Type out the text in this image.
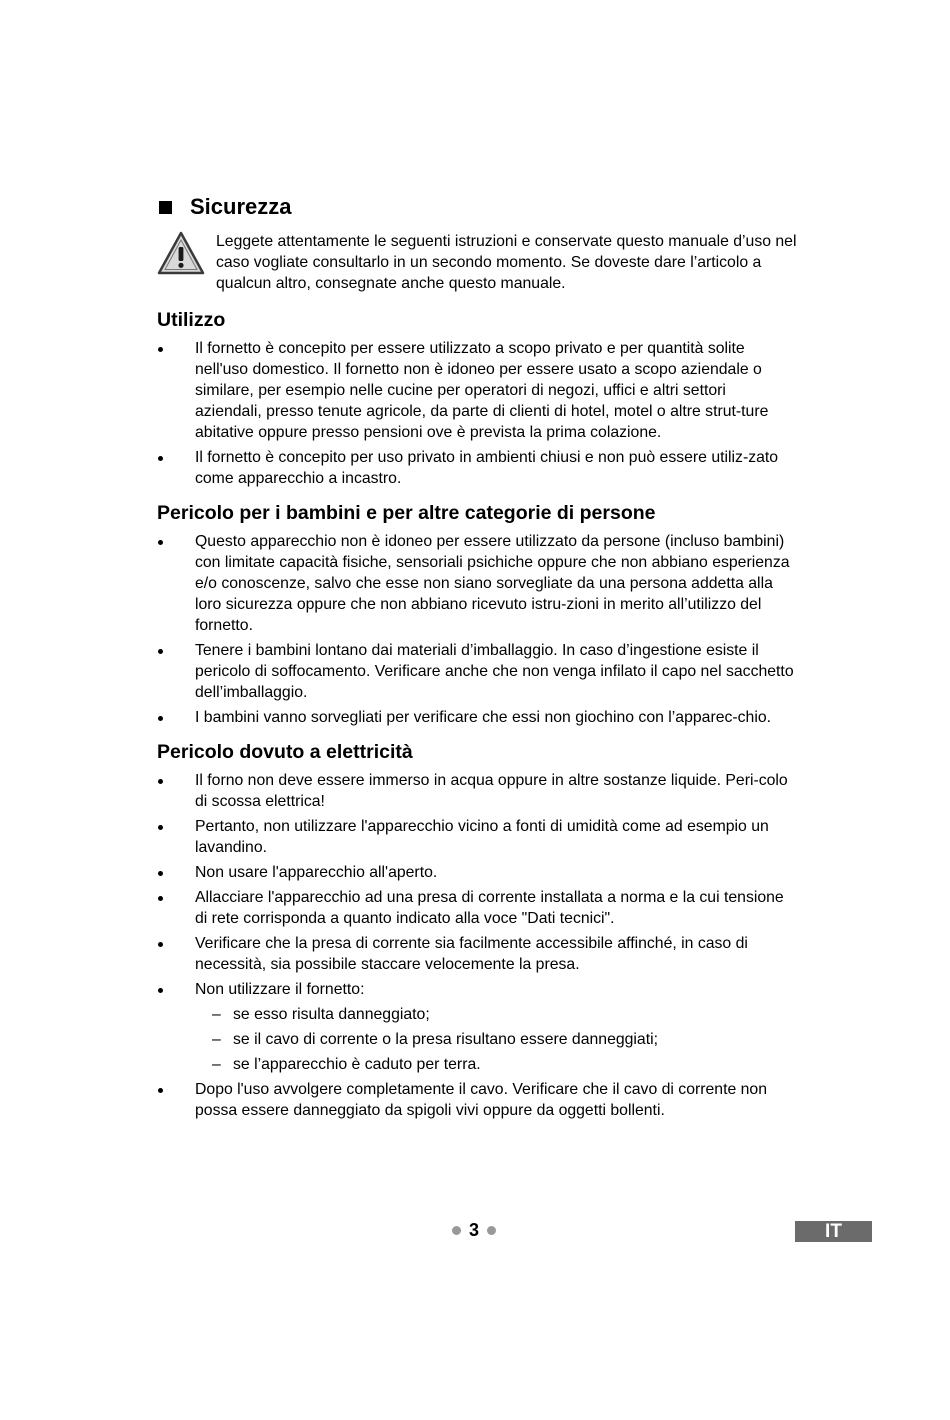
Sicurezza

Leggete attentamente le seguenti istruzioni e conservate questo manuale d’uso nel caso vogliate consultarlo in un secondo momento. Se doveste dare l’articolo a qualcun altro, consegnate anche questo manuale.

Utilizzo
Il fornetto è concepito per essere utilizzato a scopo privato e per quantità solite nell'uso domestico. Il fornetto non è idoneo per essere usato a scopo aziendale o similare, per esempio nelle cucine per operatori di negozi, uffici e altri settori aziendali, presso tenute agricole, da parte di clienti di hotel, motel o altre strut-ture abitative oppure presso pensioni ove è prevista la prima colazione.
Il fornetto è concepito per uso privato in ambienti chiusi e non può essere utiliz-zato come apparecchio a incastro.
Pericolo per i bambini e per altre categorie di persone
Questo apparecchio non è idoneo per essere utilizzato da persone (incluso bambini) con limitate capacità fisiche, sensoriali psichiche oppure che non abbiano esperienza e/o conoscenze, salvo che esse non siano sorvegliate da una persona addetta alla loro sicurezza oppure che non abbiano ricevuto istru-zioni in merito all’utilizzo del fornetto.
Tenere i bambini lontano dai materiali d’imballaggio. In caso d’ingestione esiste il pericolo di soffocamento. Verificare anche che non venga infilato il capo nel sacchetto dell’imballaggio.
I bambini vanno sorvegliati per verificare che essi non giochino con l’apparec-chio.
Pericolo dovuto a elettricità
Il forno non deve essere immerso in acqua oppure in altre sostanze liquide. Peri-colo di scossa elettrica!
Pertanto, non utilizzare l'apparecchio vicino a fonti di umidità come ad esempio un lavandino.
Non usare l'apparecchio all'aperto.
Allacciare l'apparecchio ad una presa di corrente installata a norma e la cui tensione di rete corrisponda a quanto indicato alla voce "Dati tecnici".
Verificare che la presa di corrente sia facilmente accessibile affinché, in caso di necessità, sia possibile staccare velocemente la presa.
Non utilizzare il fornetto:
– se esso risulta danneggiato;
– se il cavo di corrente o la presa risultano essere danneggiati;
– se l’apparecchio è caduto per terra.
Dopo l'uso avvolgere completamente il cavo. Verificare che il cavo di corrente non possa essere danneggiato da spigoli vivi oppure da oggetti bollenti.
3	IT
